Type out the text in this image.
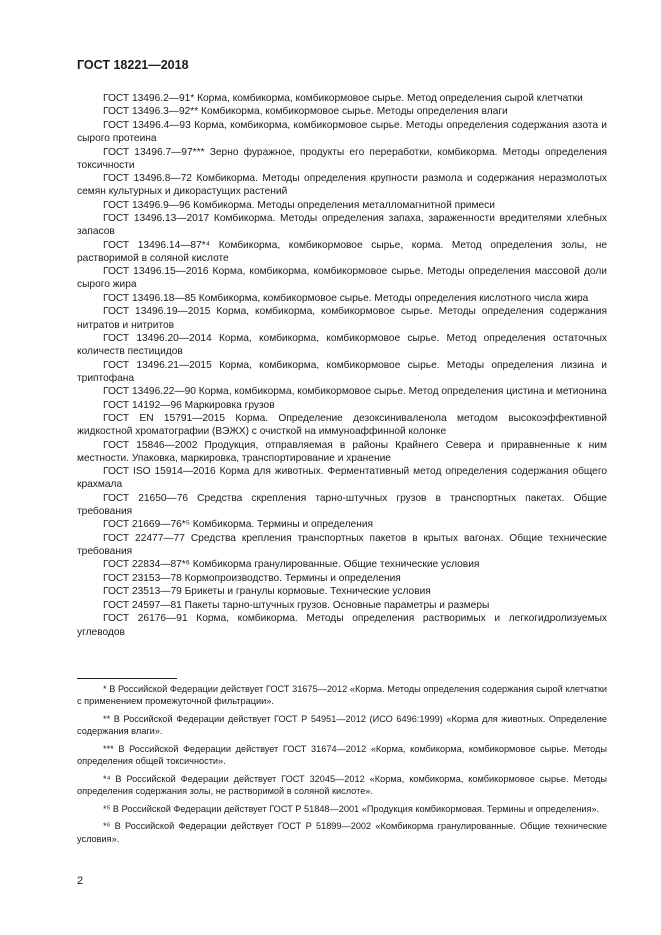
ГОСТ 18221—2018

ГОСТ 13496.2—91* Корма, комбикорма, комбикормовое сырье. Метод определения сырой клетчатки

ГОСТ 13496.3—92** Комбикорма, комбикормовое сырье. Методы определения влаги

ГОСТ 13496.4—93 Корма, комбикорма, комбикормовое сырье. Методы определения содержания азота и сырого протеина

ГОСТ 13496.7—97*** Зерно фуражное, продукты его переработки, комбикорма. Методы определения токсичности

ГОСТ 13496.8—72 Комбикорма. Методы определения крупности размола и содержания неразмолотых семян культурных и дикорастущих растений

ГОСТ 13496.9—96 Комбикорма. Методы определения металломагнитной примеси

ГОСТ 13496.13—2017 Комбикорма. Методы определения запаха, зараженности вредителями хлебных запасов

ГОСТ 13496.14—87*⁴ Комбикорма, комбикормовое сырье, корма. Метод определения золы, не растворимой в соляной кислоте

ГОСТ 13496.15—2016 Корма, комбикорма, комбикормовое сырье. Методы определения массовой доли сырого жира

ГОСТ 13496.18—85 Комбикорма, комбикормовое сырье. Методы определения кислотного числа жира

ГОСТ 13496.19—2015 Корма, комбикорма, комбикормовое сырье. Методы определения содержания нитратов и нитритов

ГОСТ 13496.20—2014 Корма, комбикорма, комбикормовое сырье. Метод определения остаточных количеств пестицидов

ГОСТ 13496.21—2015 Корма, комбикорма, комбикормовое сырье. Методы определения лизина и триптофана

ГОСТ 13496.22—90 Корма, комбикорма, комбикормовое сырье. Метод определения цистина и метионина

ГОСТ 14192—96 Маркировка грузов

ГОСТ EN 15791—2015 Корма. Определение дезоксиниваленола методом высокоэффективной жидкостной хроматографии (ВЭЖХ) с очисткой на иммуноаффинной колонке

ГОСТ 15846—2002 Продукция, отправляемая в районы Крайнего Севера и приравненные к ним местности. Упаковка, маркировка, транспортирование и хранение

ГОСТ ISO 15914—2016 Корма для животных. Ферментативный метод определения содержания общего крахмала

ГОСТ 21650—76 Средства скрепления тарно-штучных грузов в транспортных пакетах. Общие требования

ГОСТ 21669—76*⁵ Комбикорма. Термины и определения

ГОСТ 22477—77 Средства крепления транспортных пакетов в крытых вагонах. Общие технические требования

ГОСТ 22834—87*⁶ Комбикорма гранулированные. Общие технические условия

ГОСТ 23153—78 Кормопроизводство. Термины и определения

ГОСТ 23513—79 Брикеты и гранулы кормовые. Технические условия

ГОСТ 24597—81 Пакеты тарно-штучных грузов. Основные параметры и размеры

ГОСТ 26176—91 Корма, комбикорма. Методы определения растворимых и легкогидролизуемых углеводов

* В Российской Федерации действует ГОСТ 31675—2012 «Корма. Методы определения содержания сырой клетчатки с применением промежуточной фильтрации».

** В Российской Федерации действует ГОСТ Р 54951—2012 (ИСО 6496:1999) «Корма для животных. Определение содержания влаги».

*** В Российской Федерации действует ГОСТ 31674—2012 «Корма, комбикорма, комбикормовое сырье. Методы определения общей токсичности».

*⁴ В Российской Федерации действует ГОСТ 32045—2012 «Корма, комбикорма, комбикормовое сырье. Методы определения содержания золы, не растворимой в соляной кислоте».

*⁵ В Российской Федерации действует ГОСТ Р 51848—2001 «Продукция комбикормовая. Термины и определения».

*⁶ В Российской Федерации действует ГОСТ Р 51899—2002 «Комбикорма гранулированные. Общие технические условия».

2
